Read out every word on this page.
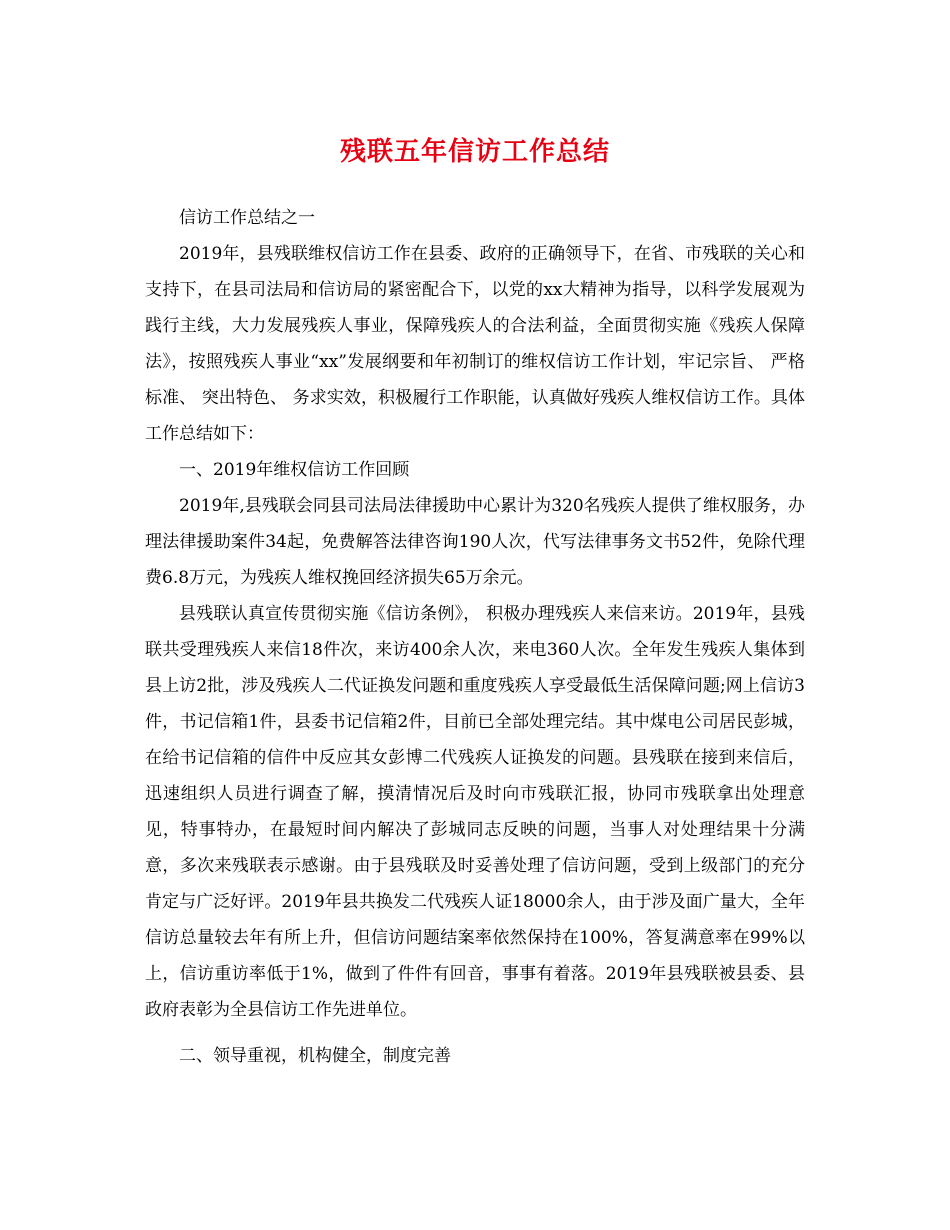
残联五年信访工作总结

信访工作总结之一

2019年，县残联维权信访工作在县委、政府的正确领导下，在省、市残联的关心和支持下，在县司法局和信访局的紧密配合下，以党的xx大精神为指导，以科学发展观为践行主线，大力发展残疾人事业，保障残疾人的合法利益，全面贯彻实施《残疾人保障法》，按照残疾人事业“xx”发展纲要和年初制订的维权信访工作计划，牢记宗旨、 严格标准、 突出特色、 务求实效，积极履行工作职能，认真做好残疾人维权信访工作。具体工作总结如下：

一、2019年维权信访工作回顾

2019年,县残联会同县司法局法律援助中心累计为320名残疾人提供了维权服务，办理法律援助案件34起，免费解答法律咨询190人次，代写法律事务文书52件，免除代理费6.8万元，为残疾人维权挽回经济损失65万余元。

县残联认真宣传贯彻实施《信访条例》， 积极办理残疾人来信来访。2019年，县残联共受理残疾人来信18件次，来访400余人次，来电360人次。全年发生残疾人集体到县上访2批，涉及残疾人二代证换发问题和重度残疾人享受最低生活保障问题;网上信访3件，书记信箱1件，县委书记信箱2件，目前已全部处理完结。其中煤电公司居民彭城，在给书记信箱的信件中反应其女彭博二代残疾人证换发的问题。县残联在接到来信后，迅速组织人员进行调查了解，摸清情况后及时向市残联汇报，协同市残联拿出处理意见，特事特办，在最短时间内解决了彭城同志反映的问题，当事人对处理结果十分满意，多次来残联表示感谢。由于县残联及时妥善处理了信访问题，受到上级部门的充分肯定与广泛好评。2019年县共换发二代残疾人证18000余人，由于涉及面广量大，全年信访总量较去年有所上升，但信访问题结案率依然保持在100%，答复满意率在99%以上，信访重访率低于1%，做到了件件有回音，事事有着落。2019年县残联被县委、县政府表彰为全县信访工作先进单位。

二、领导重视，机构健全，制度完善
